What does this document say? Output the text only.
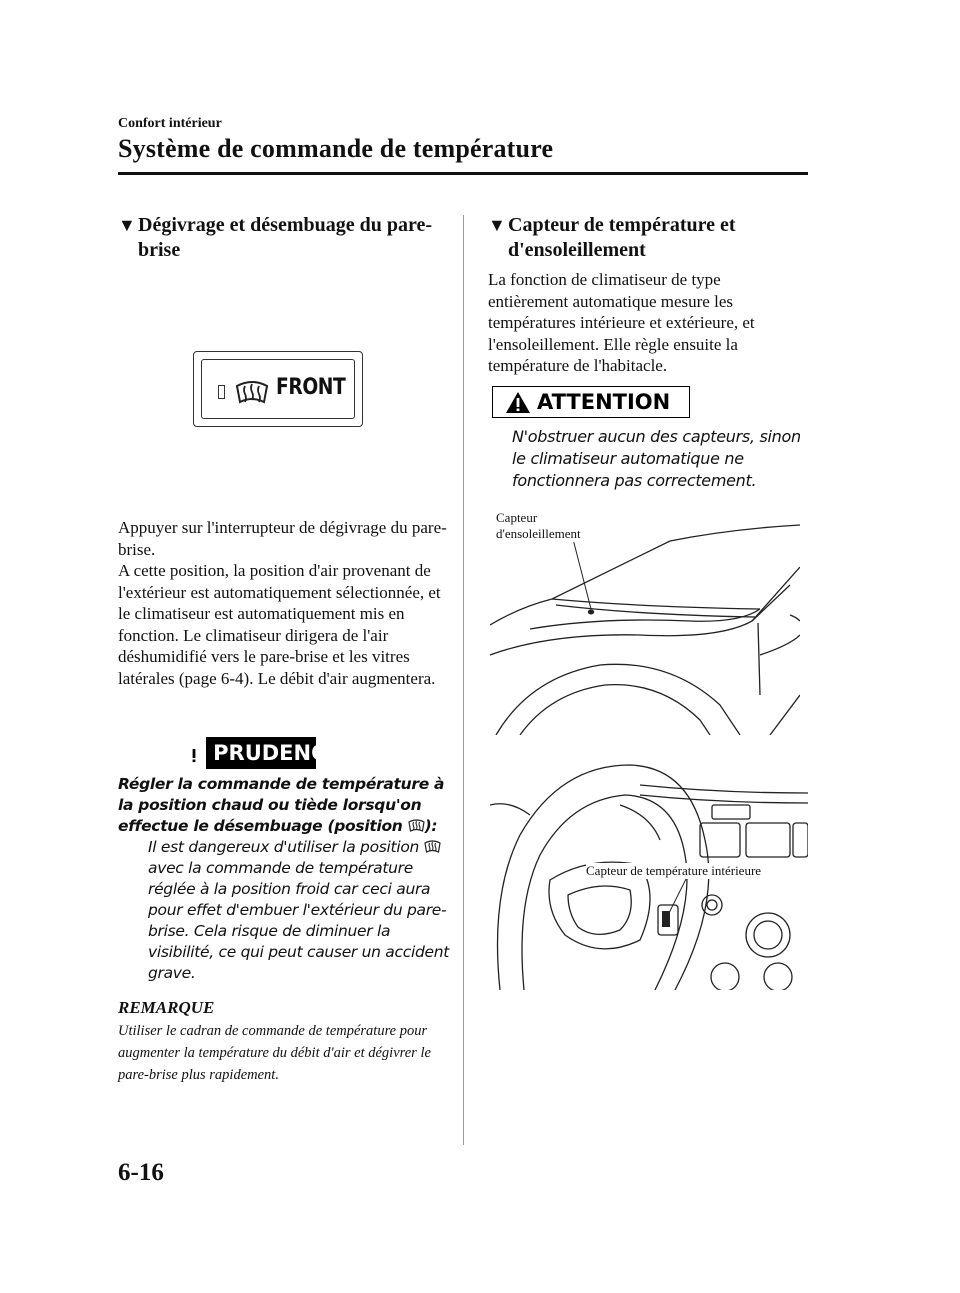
Confort intérieur
Système de commande de température
▼ Dégivrage et désembuage du pare-brise
FRONT
Appuyer sur l'interrupteur de dégivrage du pare-brise.
A cette position, la position d'air provenant de l'extérieur est automatiquement sélectionnée, et le climatiseur est automatiquement mis en fonction. Le climatiseur dirigera de l'air déshumidifié vers le pare-brise et les vitres latérales (page 6-4). Le débit d'air augmentera.
PRUDENCE
Régler la commande de température à la position chaud ou tiède lorsqu'on effectue le désembuage (position ):
Il est dangereux d'utiliser la position  avec la commande de température réglée à la position froid car ceci aura pour effet d'embuer l'extérieur du pare-brise. Cela risque de diminuer la visibilité, ce qui peut causer un accident grave.
REMARQUE
Utiliser le cadran de commande de température pour augmenter la température du débit d'air et dégivrer le pare-brise plus rapidement.
▼ Capteur de température et d'ensoleillement
La fonction de climatiseur de type entièrement automatique mesure les températures intérieure et extérieure, et l'ensoleillement. Elle règle ensuite la température de l'habitacle.
ATTENTION
N'obstruer aucun des capteurs, sinon le climatiseur automatique ne fonctionnera pas correctement.
Capteur
d'ensoleillement
Capteur de température intérieure
6-16
